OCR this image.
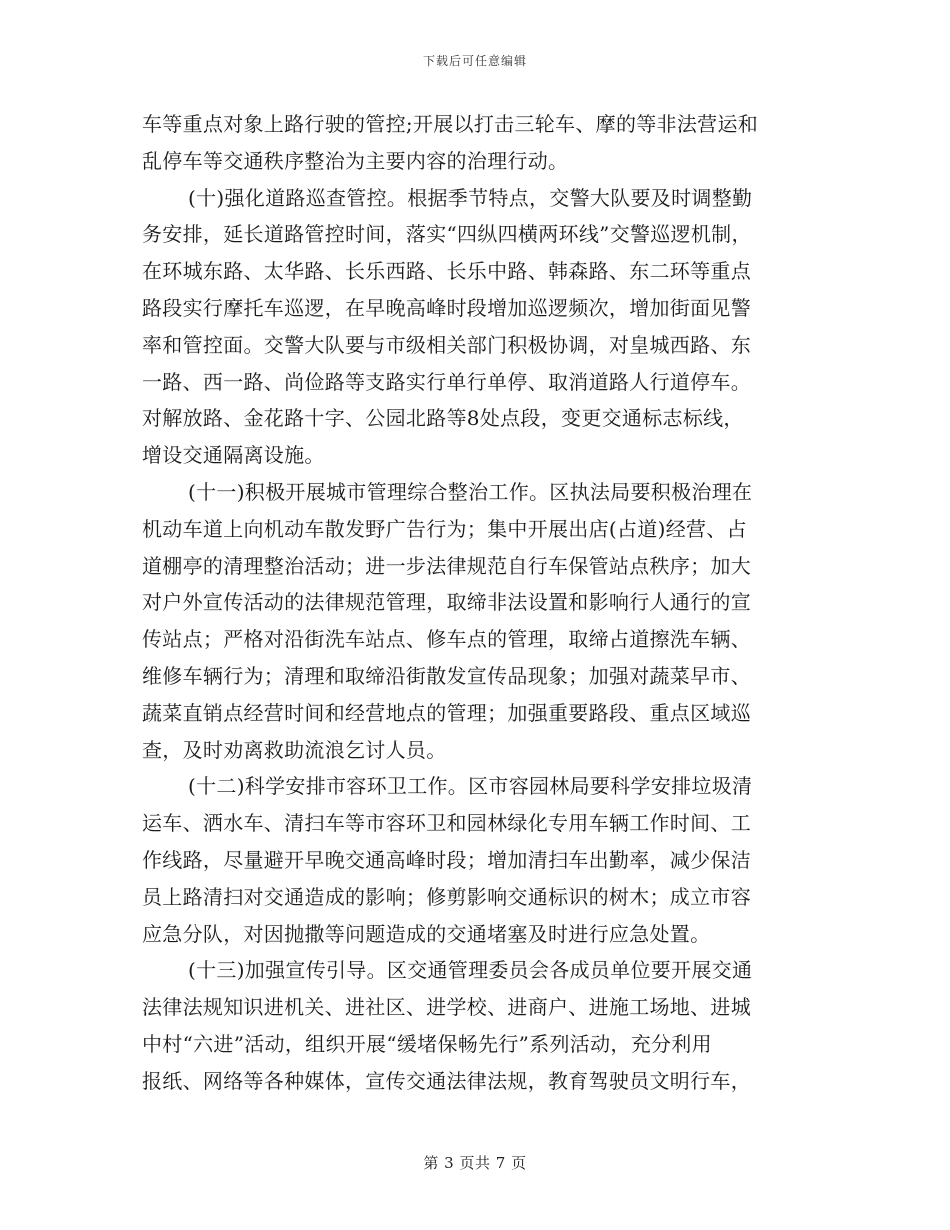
下载后可任意编辑
车等重点对象上路行驶的管控;开展以打击三轮车、摩的等非法营运和
乱停车等交通秩序整治为主要内容的治理行动。
(十)强化道路巡查管控。根据季节特点，交警大队要及时调整勤
务安排，延长道路管控时间，落实“四纵四横两环线”交警巡逻机制，
在环城东路、太华路、长乐西路、长乐中路、韩森路、东二环等重点
路段实行摩托车巡逻，在早晚高峰时段增加巡逻频次，增加街面见警
率和管控面。交警大队要与市级相关部门积极协调，对皇城西路、东
一路、西一路、尚俭路等支路实行单行单停、取消道路人行道停车。
对解放路、金花路十字、公园北路等8处点段，变更交通标志标线，
增设交通隔离设施。
(十一)积极开展城市管理综合整治工作。区执法局要积极治理在
机动车道上向机动车散发野广告行为；集中开展出店(占道)经营、占
道棚亭的清理整治活动；进一步法律规范自行车保管站点秩序；加大
对户外宣传活动的法律规范管理，取缔非法设置和影响行人通行的宣
传站点；严格对沿街洗车站点、修车点的管理，取缔占道擦洗车辆、
维修车辆行为；清理和取缔沿街散发宣传品现象；加强对蔬菜早市、
蔬菜直销点经营时间和经营地点的管理；加强重要路段、重点区域巡
查，及时劝离救助流浪乞讨人员。
(十二)科学安排市容环卫工作。区市容园林局要科学安排垃圾清
运车、洒水车、清扫车等市容环卫和园林绿化专用车辆工作时间、工
作线路，尽量避开早晚交通高峰时段；增加清扫车出勤率，减少保洁
员上路清扫对交通造成的影响；修剪影响交通标识的树木；成立市容
应急分队，对因抛撒等问题造成的交通堵塞及时进行应急处置。
(十三)加强宣传引导。区交通管理委员会各成员单位要开展交通
法律法规知识进机关、进社区、进学校、进商户、进施工场地、进城
中村“六进”活动，组织开展“缓堵保畅先行”系列活动，充分利用
报纸、网络等各种媒体，宣传交通法律法规，教育驾驶员文明行车，
第 3 页共 7 页
